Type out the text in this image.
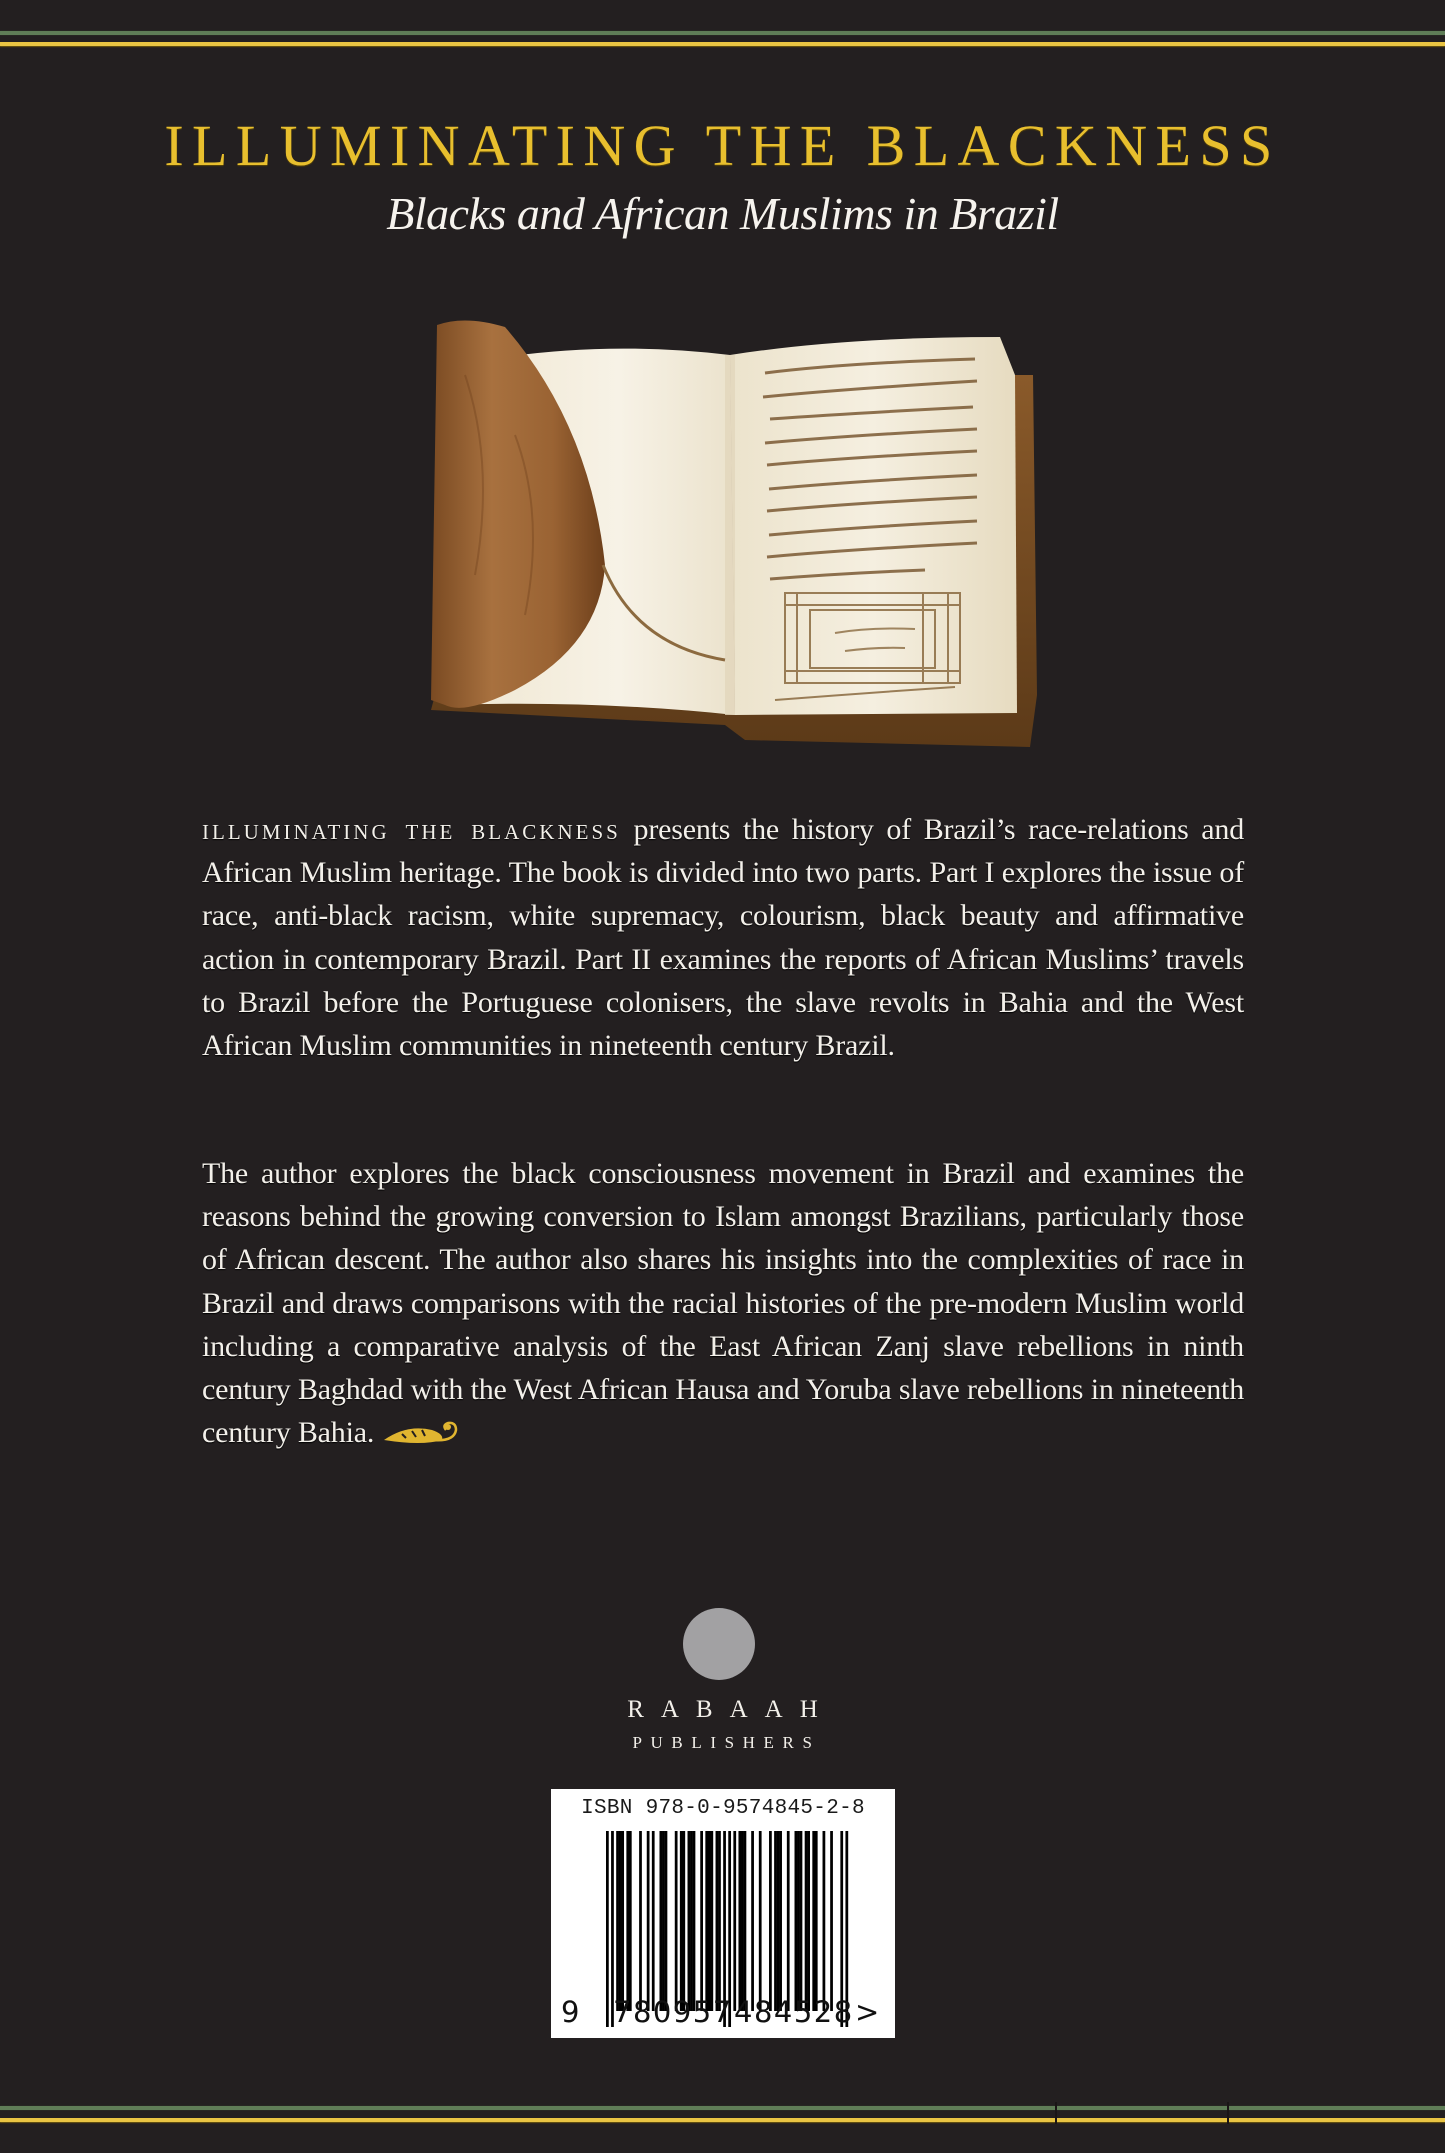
ILLUMINATING THE BLACKNESS
Blacks and African Muslims in Brazil

illuminating the blackness presents the history of Brazil’s race-relations and African Muslim heritage. The book is divided into two parts. Part I explores the issue of race, anti-black racism, white supremacy, colourism, black beauty and affirmative action in contemporary Brazil. Part II examines the reports of African Muslims’ travels to Brazil before the Portuguese colonisers, the slave revolts in Bahia and the West African Muslim communities in nineteenth century Brazil.

The author explores the black consciousness movement in Brazil and examines the reasons behind the growing conversion to Islam amongst Brazilians, particularly those of African descent. The author also shares his insights into the complexities of race in Brazil and draws comparisons with the racial histories of the pre-modern Muslim world including a comparative analysis of the East African Zanj slave rebellions in ninth century Baghdad with the West African Hausa and Yoruba slave rebellions in nineteenth century Bahia.

RABAAH
PUBLISHERS
ISBN 978-0-9574845-2-8
9 780957 484528 >
